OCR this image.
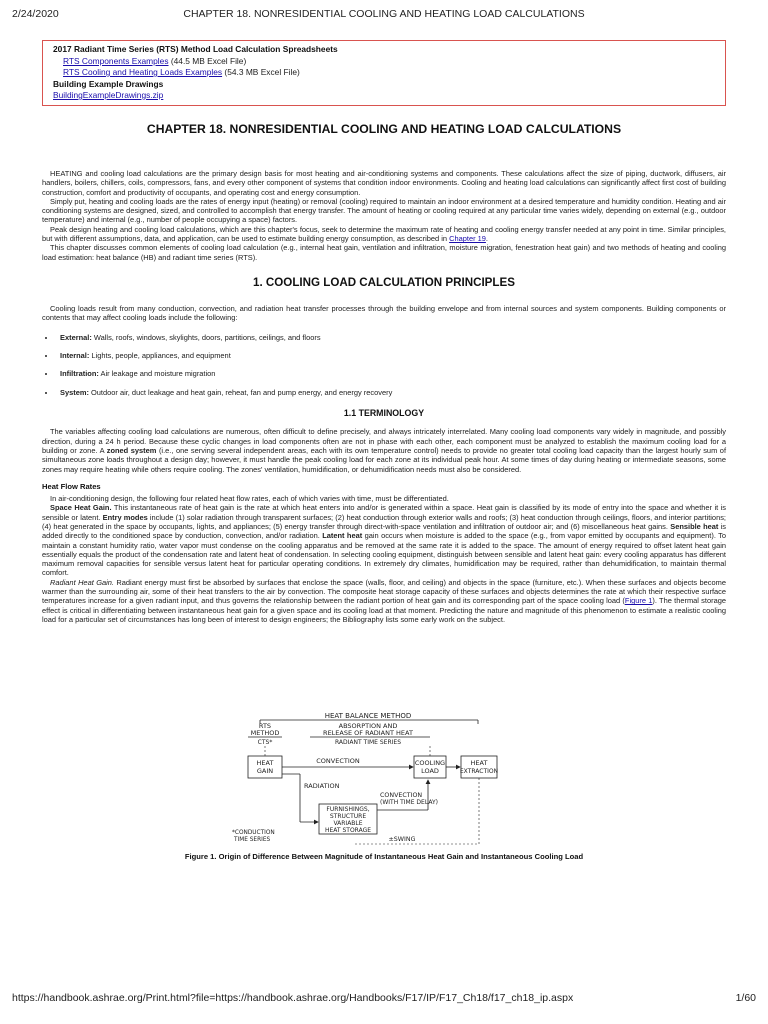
2/24/2020	CHAPTER 18. NONRESIDENTIAL COOLING AND HEATING LOAD CALCULATIONS
2017 Radiant Time Series (RTS) Method Load Calculation Spreadsheets
RTS Components Examples (44.5 MB Excel File)
RTS Cooling and Heating Loads Examples (54.3 MB Excel File)
Building Example Drawings
BuildingExampleDrawings.zip
CHAPTER 18. NONRESIDENTIAL COOLING AND HEATING LOAD CALCULATIONS

HEATING and cooling load calculations are the primary design basis for most heating and air-conditioning systems and components. These calculations affect the size of piping, ductwork, diffusers, air handlers, boilers, chillers, coils, compressors, fans, and every other component of systems that condition indoor environments. Cooling and heating load calculations can significantly affect first cost of building construction, comfort and productivity of occupants, and operating cost and energy consumption.

Simply put, heating and cooling loads are the rates of energy input (heating) or removal (cooling) required to maintain an indoor environment at a desired temperature and humidity condition. Heating and air conditioning systems are designed, sized, and controlled to accomplish that energy transfer. The amount of heating or cooling required at any particular time varies widely, depending on external (e.g., outdoor temperature) and internal (e.g., number of people occupying a space) factors.

Peak design heating and cooling load calculations, which are this chapter's focus, seek to determine the maximum rate of heating and cooling energy transfer needed at any point in time. Similar principles, but with different assumptions, data, and application, can be used to estimate building energy consumption, as described in Chapter 19.

This chapter discusses common elements of cooling load calculation (e.g., internal heat gain, ventilation and infiltration, moisture migration, fenestration heat gain) and two methods of heating and cooling load estimation: heat balance (HB) and radiant time series (RTS).

1. COOLING LOAD CALCULATION PRINCIPLES

Cooling loads result from many conduction, convection, and radiation heat transfer processes through the building envelope and from internal sources and system components. Building components or contents that may affect cooling loads include the following:

• External: Walls, roofs, windows, skylights, doors, partitions, ceilings, and floors
• Internal: Lights, people, appliances, and equipment
• Infiltration: Air leakage and moisture migration
• System: Outdoor air, duct leakage and heat gain, reheat, fan and pump energy, and energy recovery
1.1 TERMINOLOGY

The variables affecting cooling load calculations are numerous, often difficult to define precisely, and always intricately interrelated. Many cooling load components vary widely in magnitude, and possibly direction, during a 24 h period. Because these cyclic changes in load components often are not in phase with each other, each component must be analyzed to establish the maximum cooling load for a building or zone. A zoned system (i.e., one serving several independent areas, each with its own temperature control) needs to provide no greater total cooling load capacity than the largest hourly sum of simultaneous zone loads throughout a design day; however, it must handle the peak cooling load for each zone at its individual peak hour. At some times of day during heating or intermediate seasons, some zones may require heating while others require cooling. The zones' ventilation, humidification, or dehumidification needs must also be considered.

Heat Flow Rates

In air-conditioning design, the following four related heat flow rates, each of which varies with time, must be differentiated.

Space Heat Gain. This instantaneous rate of heat gain is the rate at which heat enters into and/or is generated within a space. Heat gain is classified by its mode of entry into the space and whether it is sensible or latent. Entry modes include (1) solar radiation through transparent surfaces; (2) heat conduction through exterior walls and roofs; (3) heat conduction through ceilings, floors, and interior partitions; (4) heat generated in the space by occupants, lights, and appliances; (5) energy transfer through direct-with-space ventilation and infiltration of outdoor air; and (6) miscellaneous heat gains. Sensible heat is added directly to the conditioned space by conduction, convection, and/or radiation. Latent heat gain occurs when moisture is added to the space (e.g., from vapor emitted by occupants and equipment). To maintain a constant humidity ratio, water vapor must condense on the cooling apparatus and be removed at the same rate it is added to the space. The amount of energy required to offset latent heat gain essentially equals the product of the condensation rate and latent heat of condensation. In selecting cooling equipment, distinguish between sensible and latent heat gain: every cooling apparatus has different maximum removal capacities for sensible versus latent heat for particular operating conditions. In extremely dry climates, humidification may be required, rather than dehumidification, to maintain thermal comfort.

Radiant Heat Gain. Radiant energy must first be absorbed by surfaces that enclose the space (walls, floor, and ceiling) and objects in the space (furniture, etc.). When these surfaces and objects become warmer than the surrounding air, some of their heat transfers to the air by convection. The composite heat storage capacity of these surfaces and objects determines the rate at which their respective surface temperatures increase for a given radiant input, and thus governs the relationship between the radiant portion of heat gain and its corresponding part of the space cooling load (Figure 1). The thermal storage effect is critical in differentiating between instantaneous heat gain for a given space and its cooling load at that moment. Predicting the nature and magnitude of this phenomenon to estimate a realistic cooling load for a particular set of circumstances has long been of interest to design engineers; the Bibliography lists some early work on the subject.

HEAT BALANCE METHOD
RTS
METHOD
CTS*
ABSORPTION AND
RELEASE OF RADIANT HEAT
RADIANT TIME SERIES
HEAT
GAIN
CONVECTION	COOLING
LOAD
HEAT
EXTRACTION
RADIATION
FURNISHINGS,
STRUCTURE
VARIABLE
HEAT STORAGE
CONVECTION
(WITH TIME DELAY)
±SWING
*CONDUCTION
TIME SERIES
Figure 1. Origin of Difference Between Magnitude of Instantaneous Heat Gain and Instantaneous Cooling Load
https://handbook.ashrae.org/Print.html?file=https://handbook.ashrae.org/Handbooks/F17/IP/F17_Ch18/f17_ch18_ip.aspx	1/60
